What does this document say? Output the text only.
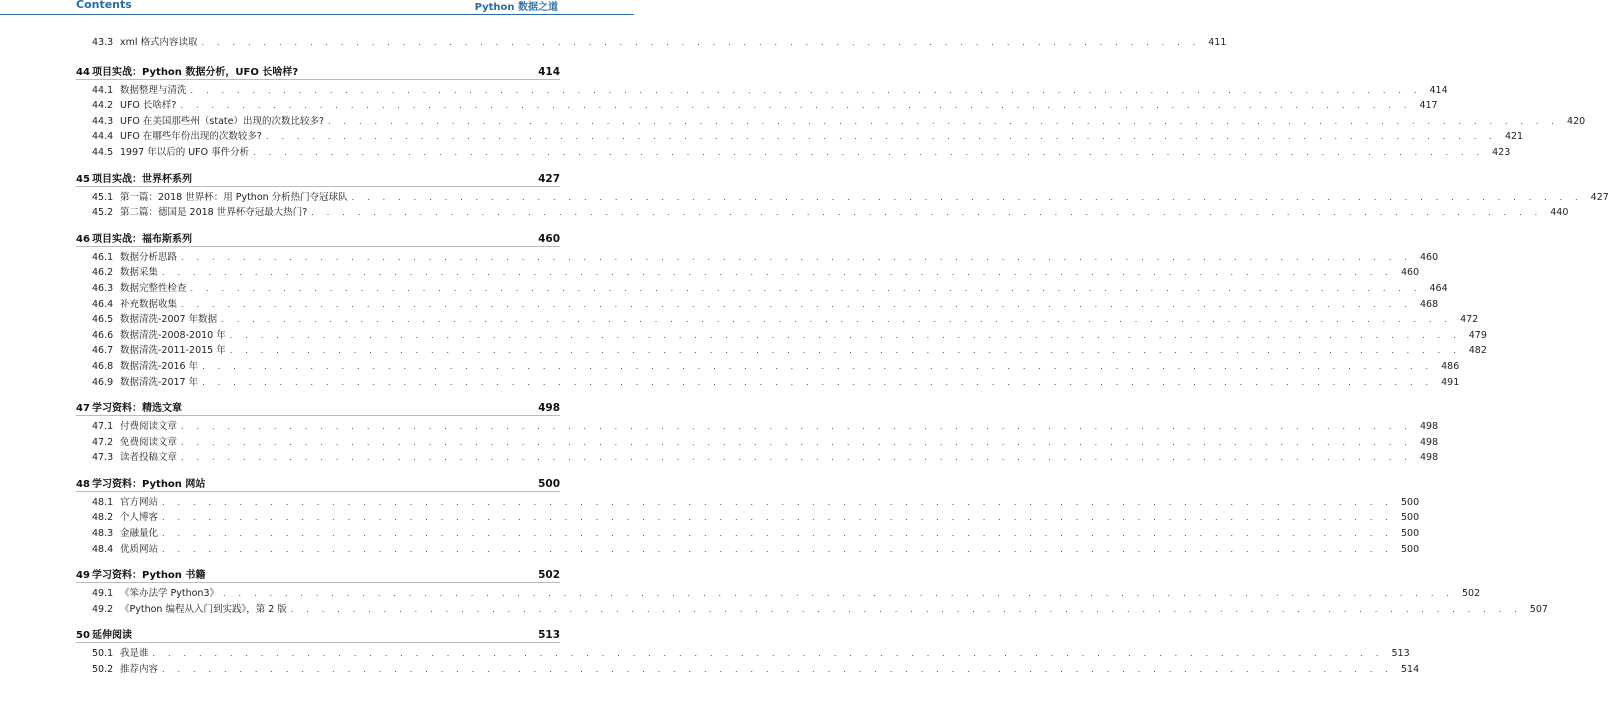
Contents	Python 数据之道
43.3 xml 格式内容读取 . . . . . . . . . . . . . . . . . . . . . . . . . . . . . . . . . . . . . . . . . . . . . . . . . . . . . . . . . . . . . . . . . 411
44 项目实战：Python 数据分析，UFO 长啥样?	414
44.1 数据整理与清洗 . . . . . . . . . . . . . . . . . . . . . . . . . . . . . . . . . . . . . . . . . . . . . . . . . . . . . . . . . . . . . . . . . . . . . . . . . . . . . . . . 414
44.2 UFO 长啥样? . . . . . . . . . . . . . . . . . . . . . . . . . . . . . . . . . . . . . . . . . . . . . . . . . . . . . . . . . . . . . . . . . . . . . . . . . . . . . . . . 417
44.3 UFO 在美国那些州（state）出现的次数比较多? . . . . . . . . . . . . . . . . . . . . . . . . . . . . . . . . . . . . . . . . . . . . . . . . . . . . . . . . . . . . . . . . . . . . . . . . . . . . . . . . 420
44.4 UFO 在哪些年份出现的次数较多? . . . . . . . . . . . . . . . . . . . . . . . . . . . . . . . . . . . . . . . . . . . . . . . . . . . . . . . . . . . . . . . . . . . . . . . . . . . . . . . . 421
44.5 1997 年以后的 UFO 事件分析 . . . . . . . . . . . . . . . . . . . . . . . . . . . . . . . . . . . . . . . . . . . . . . . . . . . . . . . . . . . . . . . . . . . . . . . . . . . . . . . . 423
45 项目实战：世界杯系列	427
45.1 第一篇：2018 世界杯：用 Python 分析热门夺冠球队 . . . . . . . . . . . . . . . . . . . . . . . . . . . . . . . . . . . . . . . . . . . . . . . . . . . . . . . . . . . . . . . . . . . . . . . . . . . . . . . . 427
45.2 第二篇：德国是 2018 世界杯夺冠最大热门? . . . . . . . . . . . . . . . . . . . . . . . . . . . . . . . . . . . . . . . . . . . . . . . . . . . . . . . . . . . . . . . . . . . . . . . . . . . . . . . . 440
46 项目实战：福布斯系列	460
46.1 数据分析思路 . . . . . . . . . . . . . . . . . . . . . . . . . . . . . . . . . . . . . . . . . . . . . . . . . . . . . . . . . . . . . . . . . . . . . . . . . . . . . . . . 460
46.2 数据采集 . . . . . . . . . . . . . . . . . . . . . . . . . . . . . . . . . . . . . . . . . . . . . . . . . . . . . . . . . . . . . . . . . . . . . . . . . . . . . . . . 460
46.3 数据完整性检查 . . . . . . . . . . . . . . . . . . . . . . . . . . . . . . . . . . . . . . . . . . . . . . . . . . . . . . . . . . . . . . . . . . . . . . . . . . . . . . . . 464
46.4 补充数据收集 . . . . . . . . . . . . . . . . . . . . . . . . . . . . . . . . . . . . . . . . . . . . . . . . . . . . . . . . . . . . . . . . . . . . . . . . . . . . . . . . 468
46.5 数据清洗-2007 年数据 . . . . . . . . . . . . . . . . . . . . . . . . . . . . . . . . . . . . . . . . . . . . . . . . . . . . . . . . . . . . . . . . . . . . . . . . . . . . . . . . 472
46.6 数据清洗-2008-2010 年 . . . . . . . . . . . . . . . . . . . . . . . . . . . . . . . . . . . . . . . . . . . . . . . . . . . . . . . . . . . . . . . . . . . . . . . . . . . . . . . . 479
46.7 数据清洗-2011-2015 年 . . . . . . . . . . . . . . . . . . . . . . . . . . . . . . . . . . . . . . . . . . . . . . . . . . . . . . . . . . . . . . . . . . . . . . . . . . . . . . . . 482
46.8 数据清洗-2016 年 . . . . . . . . . . . . . . . . . . . . . . . . . . . . . . . . . . . . . . . . . . . . . . . . . . . . . . . . . . . . . . . . . . . . . . . . . . . . . . . . 486
46.9 数据清洗-2017 年 . . . . . . . . . . . . . . . . . . . . . . . . . . . . . . . . . . . . . . . . . . . . . . . . . . . . . . . . . . . . . . . . . . . . . . . . . . . . . . . . 491
47 学习资料：精选文章	498
47.1 付费阅读文章 . . . . . . . . . . . . . . . . . . . . . . . . . . . . . . . . . . . . . . . . . . . . . . . . . . . . . . . . . . . . . . . . . . . . . . . . . . . . . . . . 498
47.2 免费阅读文章 . . . . . . . . . . . . . . . . . . . . . . . . . . . . . . . . . . . . . . . . . . . . . . . . . . . . . . . . . . . . . . . . . . . . . . . . . . . . . . . . 498
47.3 读者投稿文章 . . . . . . . . . . . . . . . . . . . . . . . . . . . . . . . . . . . . . . . . . . . . . . . . . . . . . . . . . . . . . . . . . . . . . . . . . . . . . . . . 498
48 学习资料：Python 网站	500
48.1 官方网站 . . . . . . . . . . . . . . . . . . . . . . . . . . . . . . . . . . . . . . . . . . . . . . . . . . . . . . . . . . . . . . . . . . . . . . . . . . . . . . . . 500
48.2 个人博客 . . . . . . . . . . . . . . . . . . . . . . . . . . . . . . . . . . . . . . . . . . . . . . . . . . . . . . . . . . . . . . . . . . . . . . . . . . . . . . . . 500
48.3 金融量化 . . . . . . . . . . . . . . . . . . . . . . . . . . . . . . . . . . . . . . . . . . . . . . . . . . . . . . . . . . . . . . . . . . . . . . . . . . . . . . . . 500
48.4 优质网站 . . . . . . . . . . . . . . . . . . . . . . . . . . . . . . . . . . . . . . . . . . . . . . . . . . . . . . . . . . . . . . . . . . . . . . . . . . . . . . . . 500
49 学习资料：Python 书籍	502
49.1 《笨办法学 Python3》 . . . . . . . . . . . . . . . . . . . . . . . . . . . . . . . . . . . . . . . . . . . . . . . . . . . . . . . . . . . . . . . . . . . . . . . . . . . . . . . . 502
49.2 《Python 编程从入门到实践》，第 2 版 . . . . . . . . . . . . . . . . . . . . . . . . . . . . . . . . . . . . . . . . . . . . . . . . . . . . . . . . . . . . . . . . . . . . . . . . . . . . . . . . 507
50 延伸阅读	513
50.1 我是谁 . . . . . . . . . . . . . . . . . . . . . . . . . . . . . . . . . . . . . . . . . . . . . . . . . . . . . . . . . . . . . . . . . . . . . . . . . . . . . . . . 513
50.2 推荐内容 . . . . . . . . . . . . . . . . . . . . . . . . . . . . . . . . . . . . . . . . . . . . . . . . . . . . . . . . . . . . . . . . . . . . . . . . . . . . . . . . 514
